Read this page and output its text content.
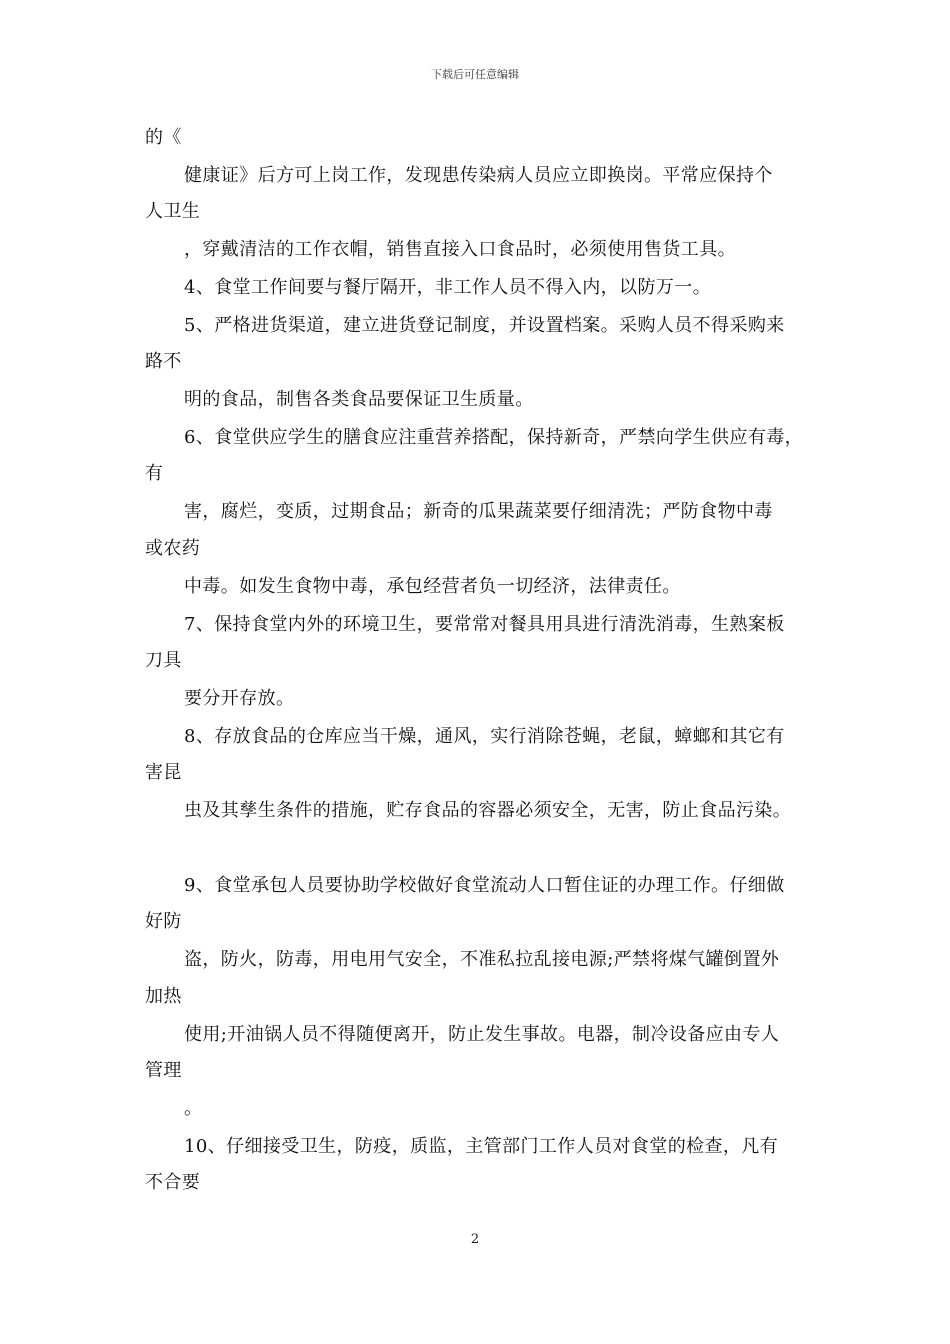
下载后可任意编辑
的《
健康证》后方可上岗工作，发现患传染病人员应立即换岗。平常应保持个
人卫生
，穿戴清洁的工作衣帽，销售直接入口食品时，必须使用售货工具。
4、食堂工作间要与餐厅隔开，非工作人员不得入内，以防万一。
5、严格进货渠道，建立进货登记制度，并设置档案。采购人员不得采购来
路不
明的食品，制售各类食品要保证卫生质量。
6、食堂供应学生的膳食应注重营养搭配，保持新奇，严禁向学生供应有毒，
有
害，腐烂，变质，过期食品；新奇的瓜果蔬菜要仔细清洗；严防食物中毒
或农药
中毒。如发生食物中毒，承包经营者负一切经济，法律责任。
7、保持食堂内外的环境卫生，要常常对餐具用具进行清洗消毒，生熟案板
刀具
要分开存放。
8、存放食品的仓库应当干燥，通风，实行消除苍蝇，老鼠，蟑螂和其它有
害昆
虫及其孳生条件的措施，贮存食品的容器必须安全，无害，防止食品污染。
9、食堂承包人员要协助学校做好食堂流动人口暂住证的办理工作。仔细做
好防
盗，防火，防毒，用电用气安全，不准私拉乱接电源;严禁将煤气罐倒置外
加热
使用;开油锅人员不得随便离开，防止发生事故。电器，制冷设备应由专人
管理
。
10、仔细接受卫生，防疫，质监，主管部门工作人员对食堂的检查，凡有
不合要
2
